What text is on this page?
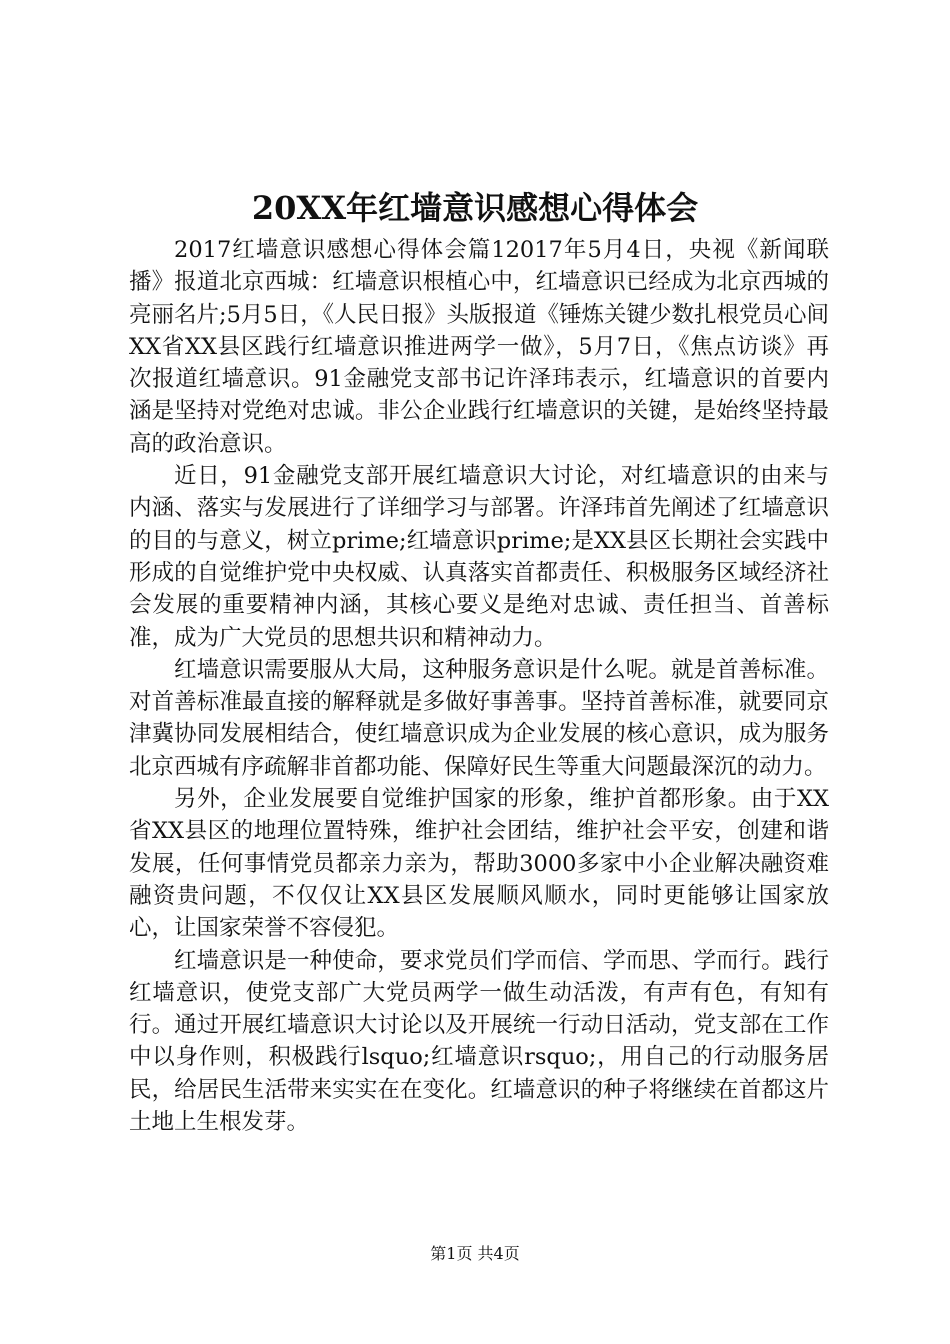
20XX年红墙意识感想心得体会

2017红墙意识感想心得体会篇12017年5月4日，央视《新闻联播》报道北京西城：红墙意识根植心中，红墙意识已经成为北京西城的亮丽名片;5月5日，《人民日报》头版报道《锤炼关键少数扎根党员心间XX省XX县区践行红墙意识推进两学一做》，5月7日，《焦点访谈》再次报道红墙意识。91金融党支部书记许泽玮表示，红墙意识的首要内涵是坚持对党绝对忠诚。非公企业践行红墙意识的关键，是始终坚持最高的政治意识。

近日，91金融党支部开展红墙意识大讨论，对红墙意识的由来与内涵、落实与发展进行了详细学习与部署。许泽玮首先阐述了红墙意识的目的与意义，树立prime;红墙意识prime;是XX县区长期社会实践中形成的自觉维护党中央权威、认真落实首都责任、积极服务区域经济社会发展的重要精神内涵，其核心要义是绝对忠诚、责任担当、首善标准，成为广大党员的思想共识和精神动力。

红墙意识需要服从大局，这种服务意识是什么呢。就是首善标准。对首善标准最直接的解释就是多做好事善事。坚持首善标准，就要同京津冀协同发展相结合，使红墙意识成为企业发展的核心意识，成为服务北京西城有序疏解非首都功能、保障好民生等重大问题最深沉的动力。

另外，企业发展要自觉维护国家的形象，维护首都形象。由于XX省XX县区的地理位置特殊，维护社会团结，维护社会平安，创建和谐发展，任何事情党员都亲力亲为，帮助3000多家中小企业解决融资难融资贵问题，不仅仅让XX县区发展顺风顺水，同时更能够让国家放心，让国家荣誉不容侵犯。

红墙意识是一种使命，要求党员们学而信、学而思、学而行。践行红墙意识，使党支部广大党员两学一做生动活泼，有声有色，有知有行。通过开展红墙意识大讨论以及开展统一行动日活动，党支部在工作中以身作则，积极践行lsquo;红墙意识rsquo;，用自己的行动服务居民，给居民生活带来实实在在变化。红墙意识的种子将继续在首都这片土地上生根发芽。

第1页 共4页
